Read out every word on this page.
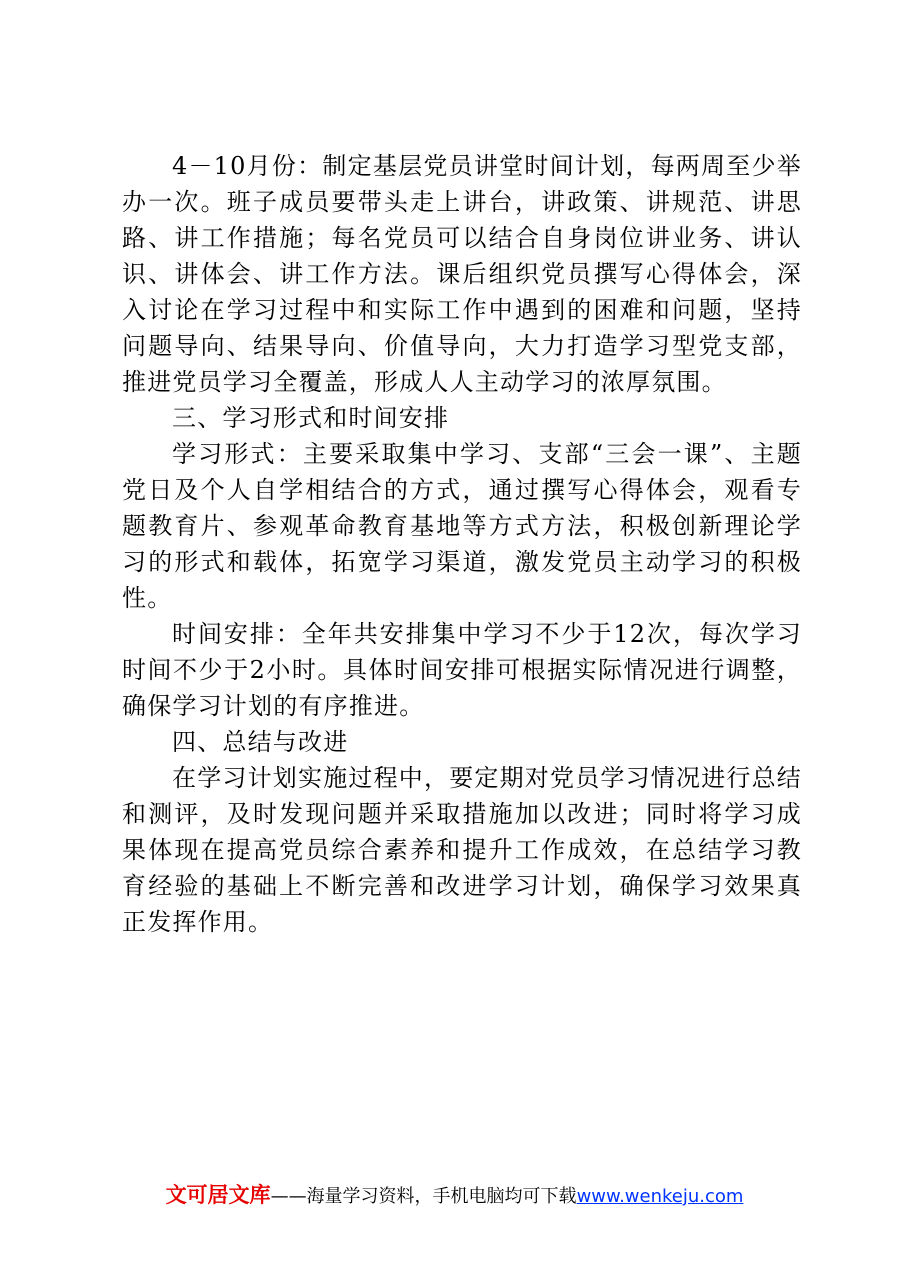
4－10月份：制定基层党员讲堂时间计划，每两周至少举办一次。班子成员要带头走上讲台，讲政策、讲规范、讲思路、讲工作措施；每名党员可以结合自身岗位讲业务、讲认识、讲体会、讲工作方法。课后组织党员撰写心得体会，深入讨论在学习过程中和实际工作中遇到的困难和问题，坚持问题导向、结果导向、价值导向，大力打造学习型党支部，推进党员学习全覆盖，形成人人主动学习的浓厚氛围。

三、学习形式和时间安排

学习形式：主要采取集中学习、支部“三会一课”、主题党日及个人自学相结合的方式，通过撰写心得体会，观看专题教育片、参观革命教育基地等方式方法，积极创新理论学习的形式和载体，拓宽学习渠道，激发党员主动学习的积极性。

时间安排：全年共安排集中学习不少于12次，每次学习时间不少于2小时。具体时间安排可根据实际情况进行调整，确保学习计划的有序推进。

四、总结与改进

在学习计划实施过程中，要定期对党员学习情况进行总结和测评，及时发现问题并采取措施加以改进；同时将学习成果体现在提高党员综合素养和提升工作成效，在总结学习教育经验的基础上不断完善和改进学习计划，确保学习效果真正发挥作用。

文可居文库——海量学习资料，手机电脑均可下载www.wenkeju.com
